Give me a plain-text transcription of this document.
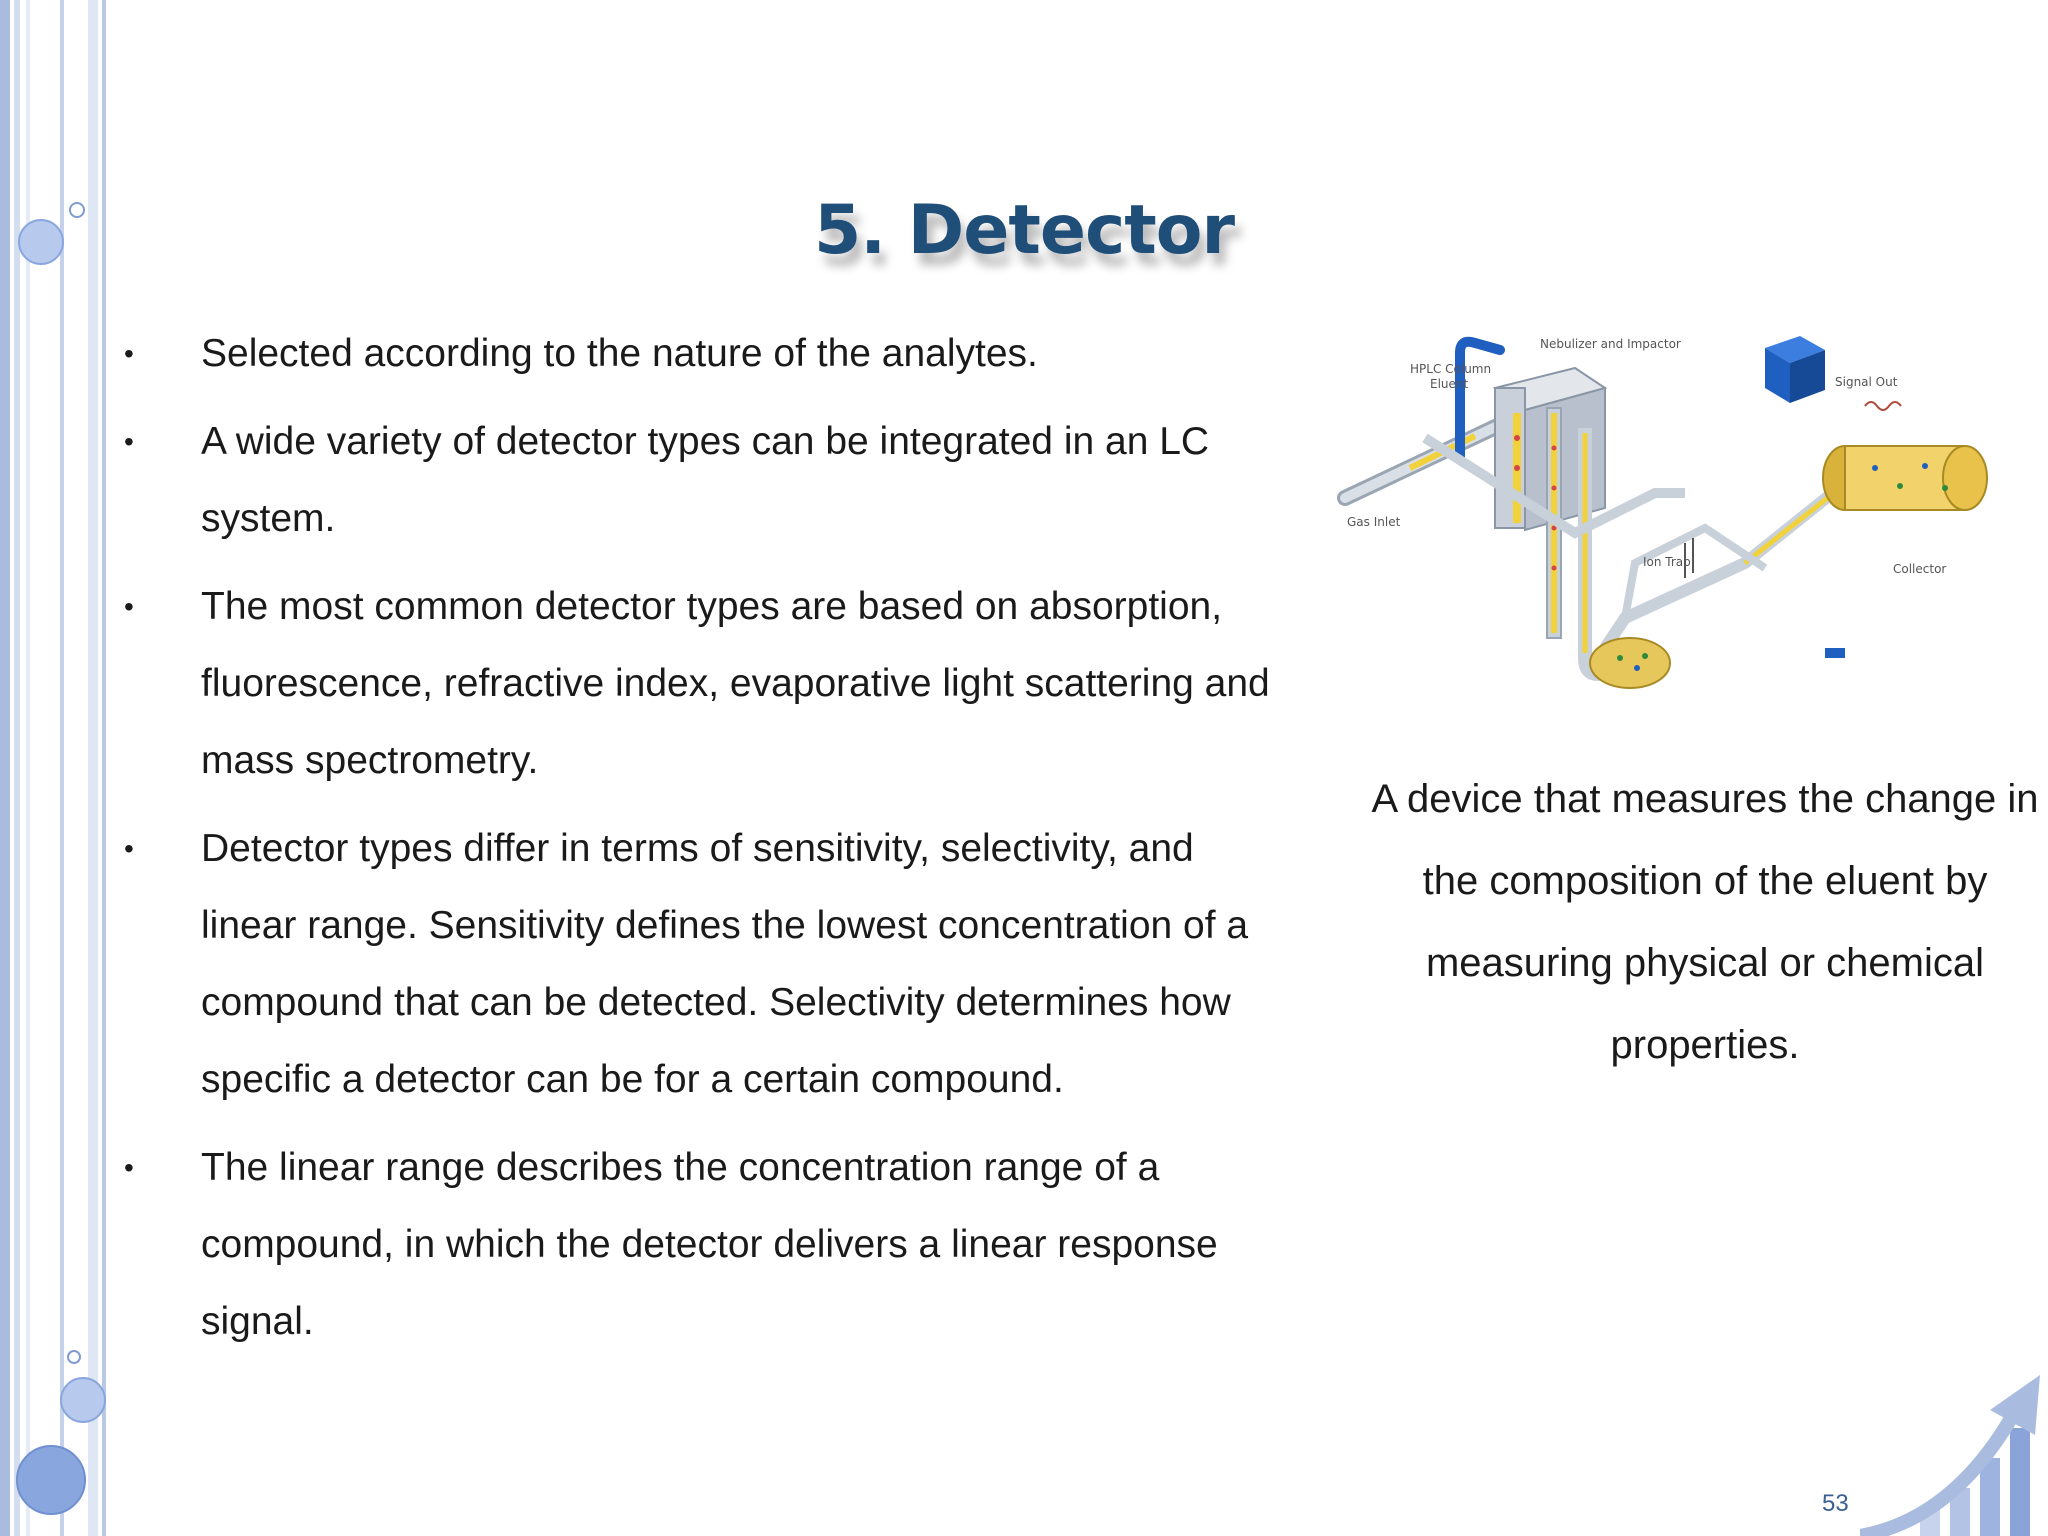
5. Detector
• Selected according to the nature of the analytes.
• A wide variety of detector types can be integrated in an LC system.
• The most common detector types are based on absorption, fluorescence, refractive index, evaporative light scattering and mass spectrometry.
• Detector types differ in terms of sensitivity, selectivity, and linear range. Sensitivity defines the lowest concentration of a compound that can be detected. Selectivity determines how specific a detector can be for a certain compound.
• The linear range describes the concentration range of a compound, in which the detector delivers a linear response signal.
Nebulizer and Impactor
HPLC Column
Eluent	Signal Out
Gas Inlet
Ion Trap	Collector
A device that measures the change in the composition of the eluent by measuring physical or chemical properties.
53
